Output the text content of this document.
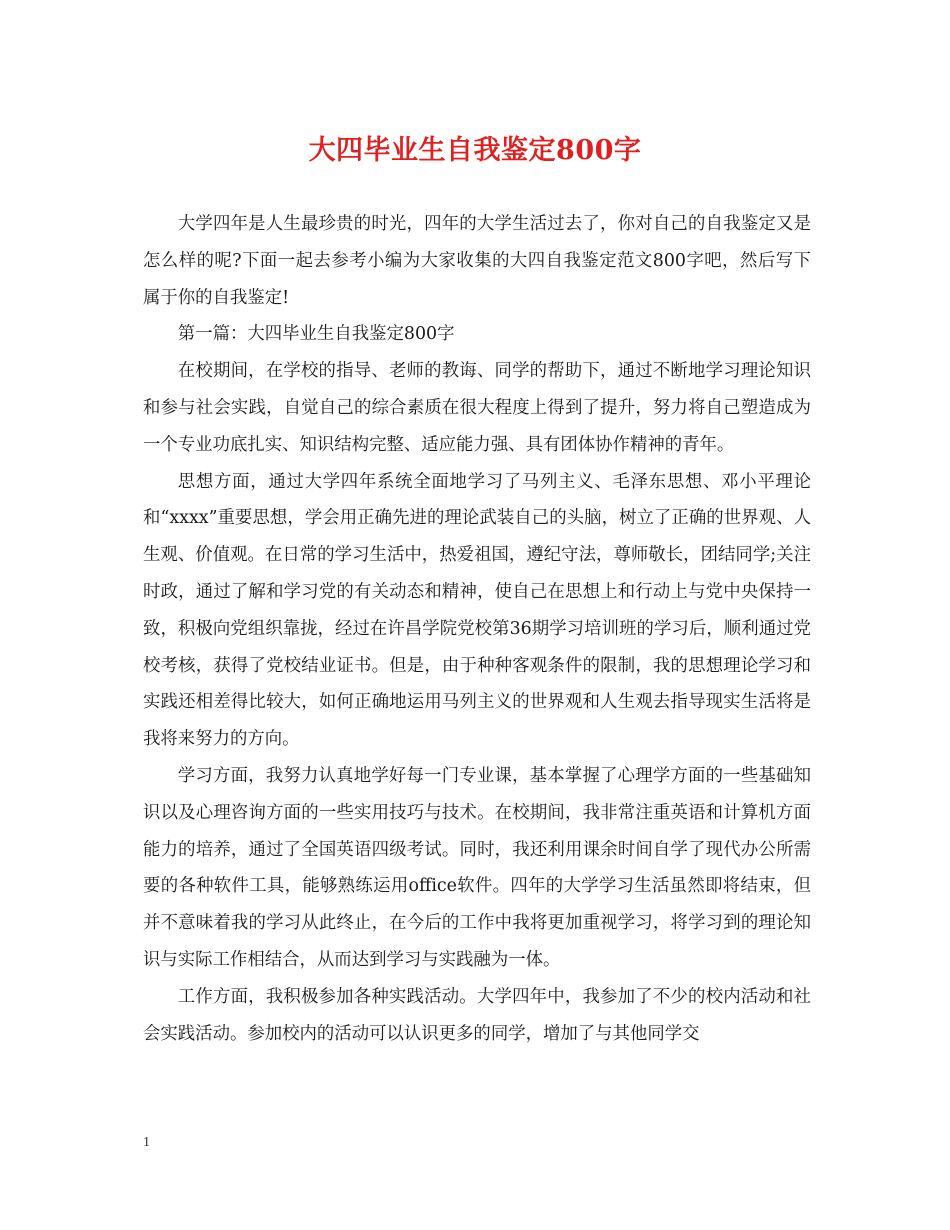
大四毕业生自我鉴定800字

大学四年是人生最珍贵的时光，四年的大学生活过去了，你对自己的自我鉴定又是怎么样的呢?下面一起去参考小编为大家收集的大四自我鉴定范文800字吧，然后写下属于你的自我鉴定!

第一篇：大四毕业生自我鉴定800字

在校期间，在学校的指导、老师的教诲、同学的帮助下，通过不断地学习理论知识和参与社会实践，自觉自己的综合素质在很大程度上得到了提升，努力将自己塑造成为一个专业功底扎实、知识结构完整、适应能力强、具有团体协作精神的青年。

思想方面，通过大学四年系统全面地学习了马列主义、毛泽东思想、邓小平理论和“xxxx”重要思想，学会用正确先进的理论武装自己的头脑，树立了正确的世界观、人生观、价值观。在日常的学习生活中，热爱祖国，遵纪守法，尊师敬长，团结同学;关注时政，通过了解和学习党的有关动态和精神，使自己在思想上和行动上与党中央保持一致，积极向党组织靠拢，经过在许昌学院党校第36期学习培训班的学习后，顺利通过党校考核，获得了党校结业证书。但是，由于种种客观条件的限制，我的思想理论学习和实践还相差得比较大，如何正确地运用马列主义的世界观和人生观去指导现实生活将是我将来努力的方向。

学习方面，我努力认真地学好每一门专业课，基本掌握了心理学方面的一些基础知识以及心理咨询方面的一些实用技巧与技术。在校期间，我非常注重英语和计算机方面能力的培养，通过了全国英语四级考试。同时，我还利用课余时间自学了现代办公所需要的各种软件工具，能够熟练运用office软件。四年的大学学习生活虽然即将结束，但并不意味着我的学习从此终止，在今后的工作中我将更加重视学习，将学习到的理论知识与实际工作相结合，从而达到学习与实践融为一体。

工作方面，我积极参加各种实践活动。大学四年中，我参加了不少的校内活动和社会实践活动。参加校内的活动可以认识更多的同学，增加了与其他同学交

1
